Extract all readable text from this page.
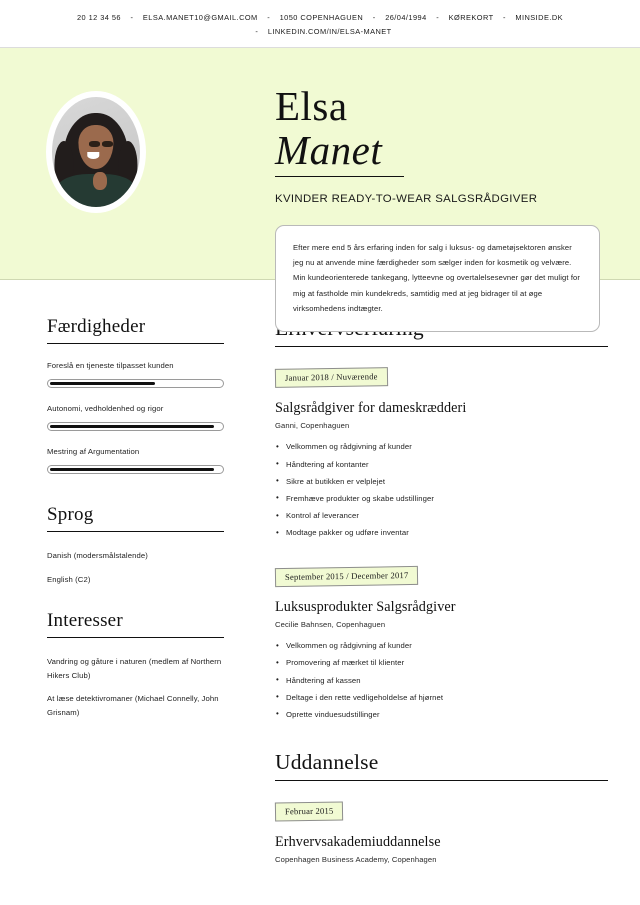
20 12 34 56 - ELSA.MANET10@GMAIL.COM - 1050 COPENHAGUEN - 26/04/1994 - KØREKORT - MINSIDE.DK
- LINKEDIN.COM/IN/ELSA-MANET
Elsa
Manet
KVINDER READY-TO-WEAR SALGSRÅDGIVER
Efter mere end 5 års erfaring inden for salg i luksus- og dametøjsektoren ønsker jeg nu at anvende mine færdigheder som sælger inden for kosmetik og velvære. Min kundeorienterede tankegang, lytteevne og overtalelsesevner gør det muligt for mig at fastholde min kundekreds, samtidig med at jeg bidrager til at øge virksomhedens indtægter.
Færdigheder
Foreslå en tjeneste tilpasset kunden
Autonomi, vedholdenhed og rigor
Mestring af Argumentation
Sprog
Danish (modersmålstalende)
English (C2)
Interesser
Vandring og gåture i naturen (medlem af Northern Hikers Club)
At læse detektivromaner (Michael Connelly, John Grisnam)
Januar 2018 / Nuværende
Salgsrådgiver for dameskrædderi
Ganni, Copenhaguen
• Velkommen og rådgivning af kunder
• Håndtering af kontanter
• Sikre at butikken er velplejet
• Fremhæve produkter og skabe udstillinger
• Kontrol af leverancer
• Modtage pakker og udføre inventar
September 2015 / December 2017
Luksusprodukter Salgsrådgiver
Cecilie Bahnsen, Copenhaguen
• Velkommen og rådgivning af kunder
• Promovering af mærket til klienter
• Håndtering af kassen
• Deltage i den rette vedligeholdelse af hjørnet
• Oprette vinduesudstillinger
Uddannelse
Februar 2015
Erhvervsakademiuddannelse
Copenhagen Business Academy, Copenhagen
